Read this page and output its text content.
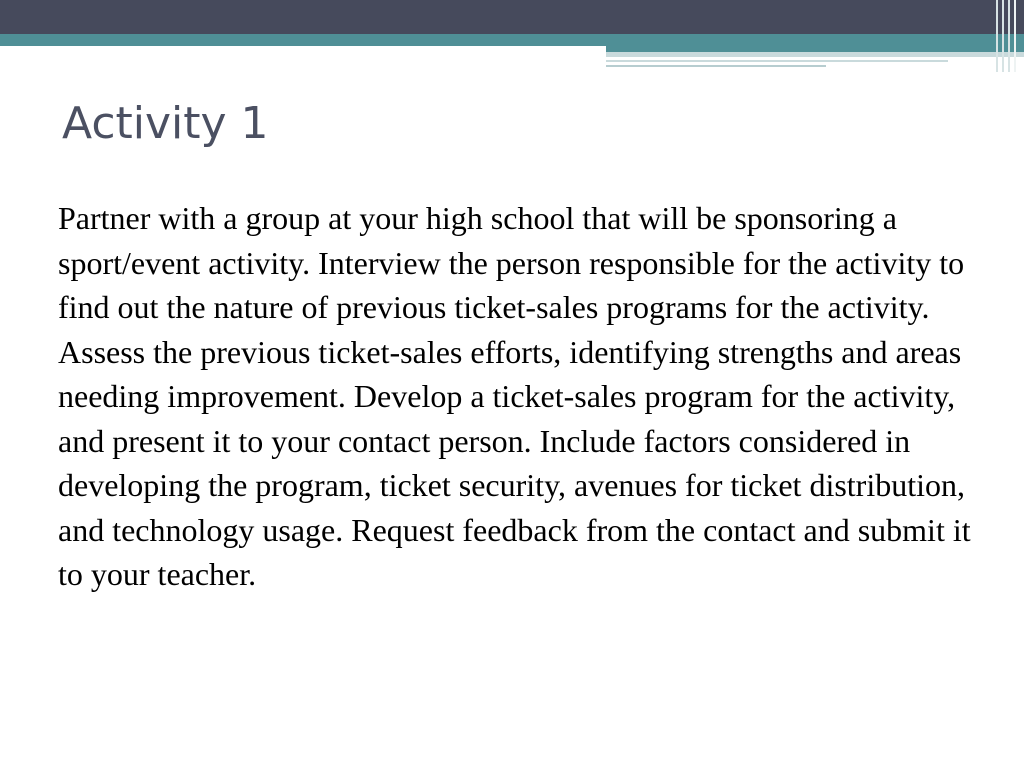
Activity 1

Partner with a group at your high school that will be sponsoring a sport/event activity. Interview the person responsible for the activity to find out the nature of previous ticket-sales programs for the activity. Assess the previous ticket-sales efforts, identifying strengths and areas needing improvement. Develop a ticket-sales program for the activity, and present it to your contact person. Include factors considered in developing the program, ticket security, avenues for ticket distribution, and technology usage. Request feedback from the contact and submit it to your teacher.
